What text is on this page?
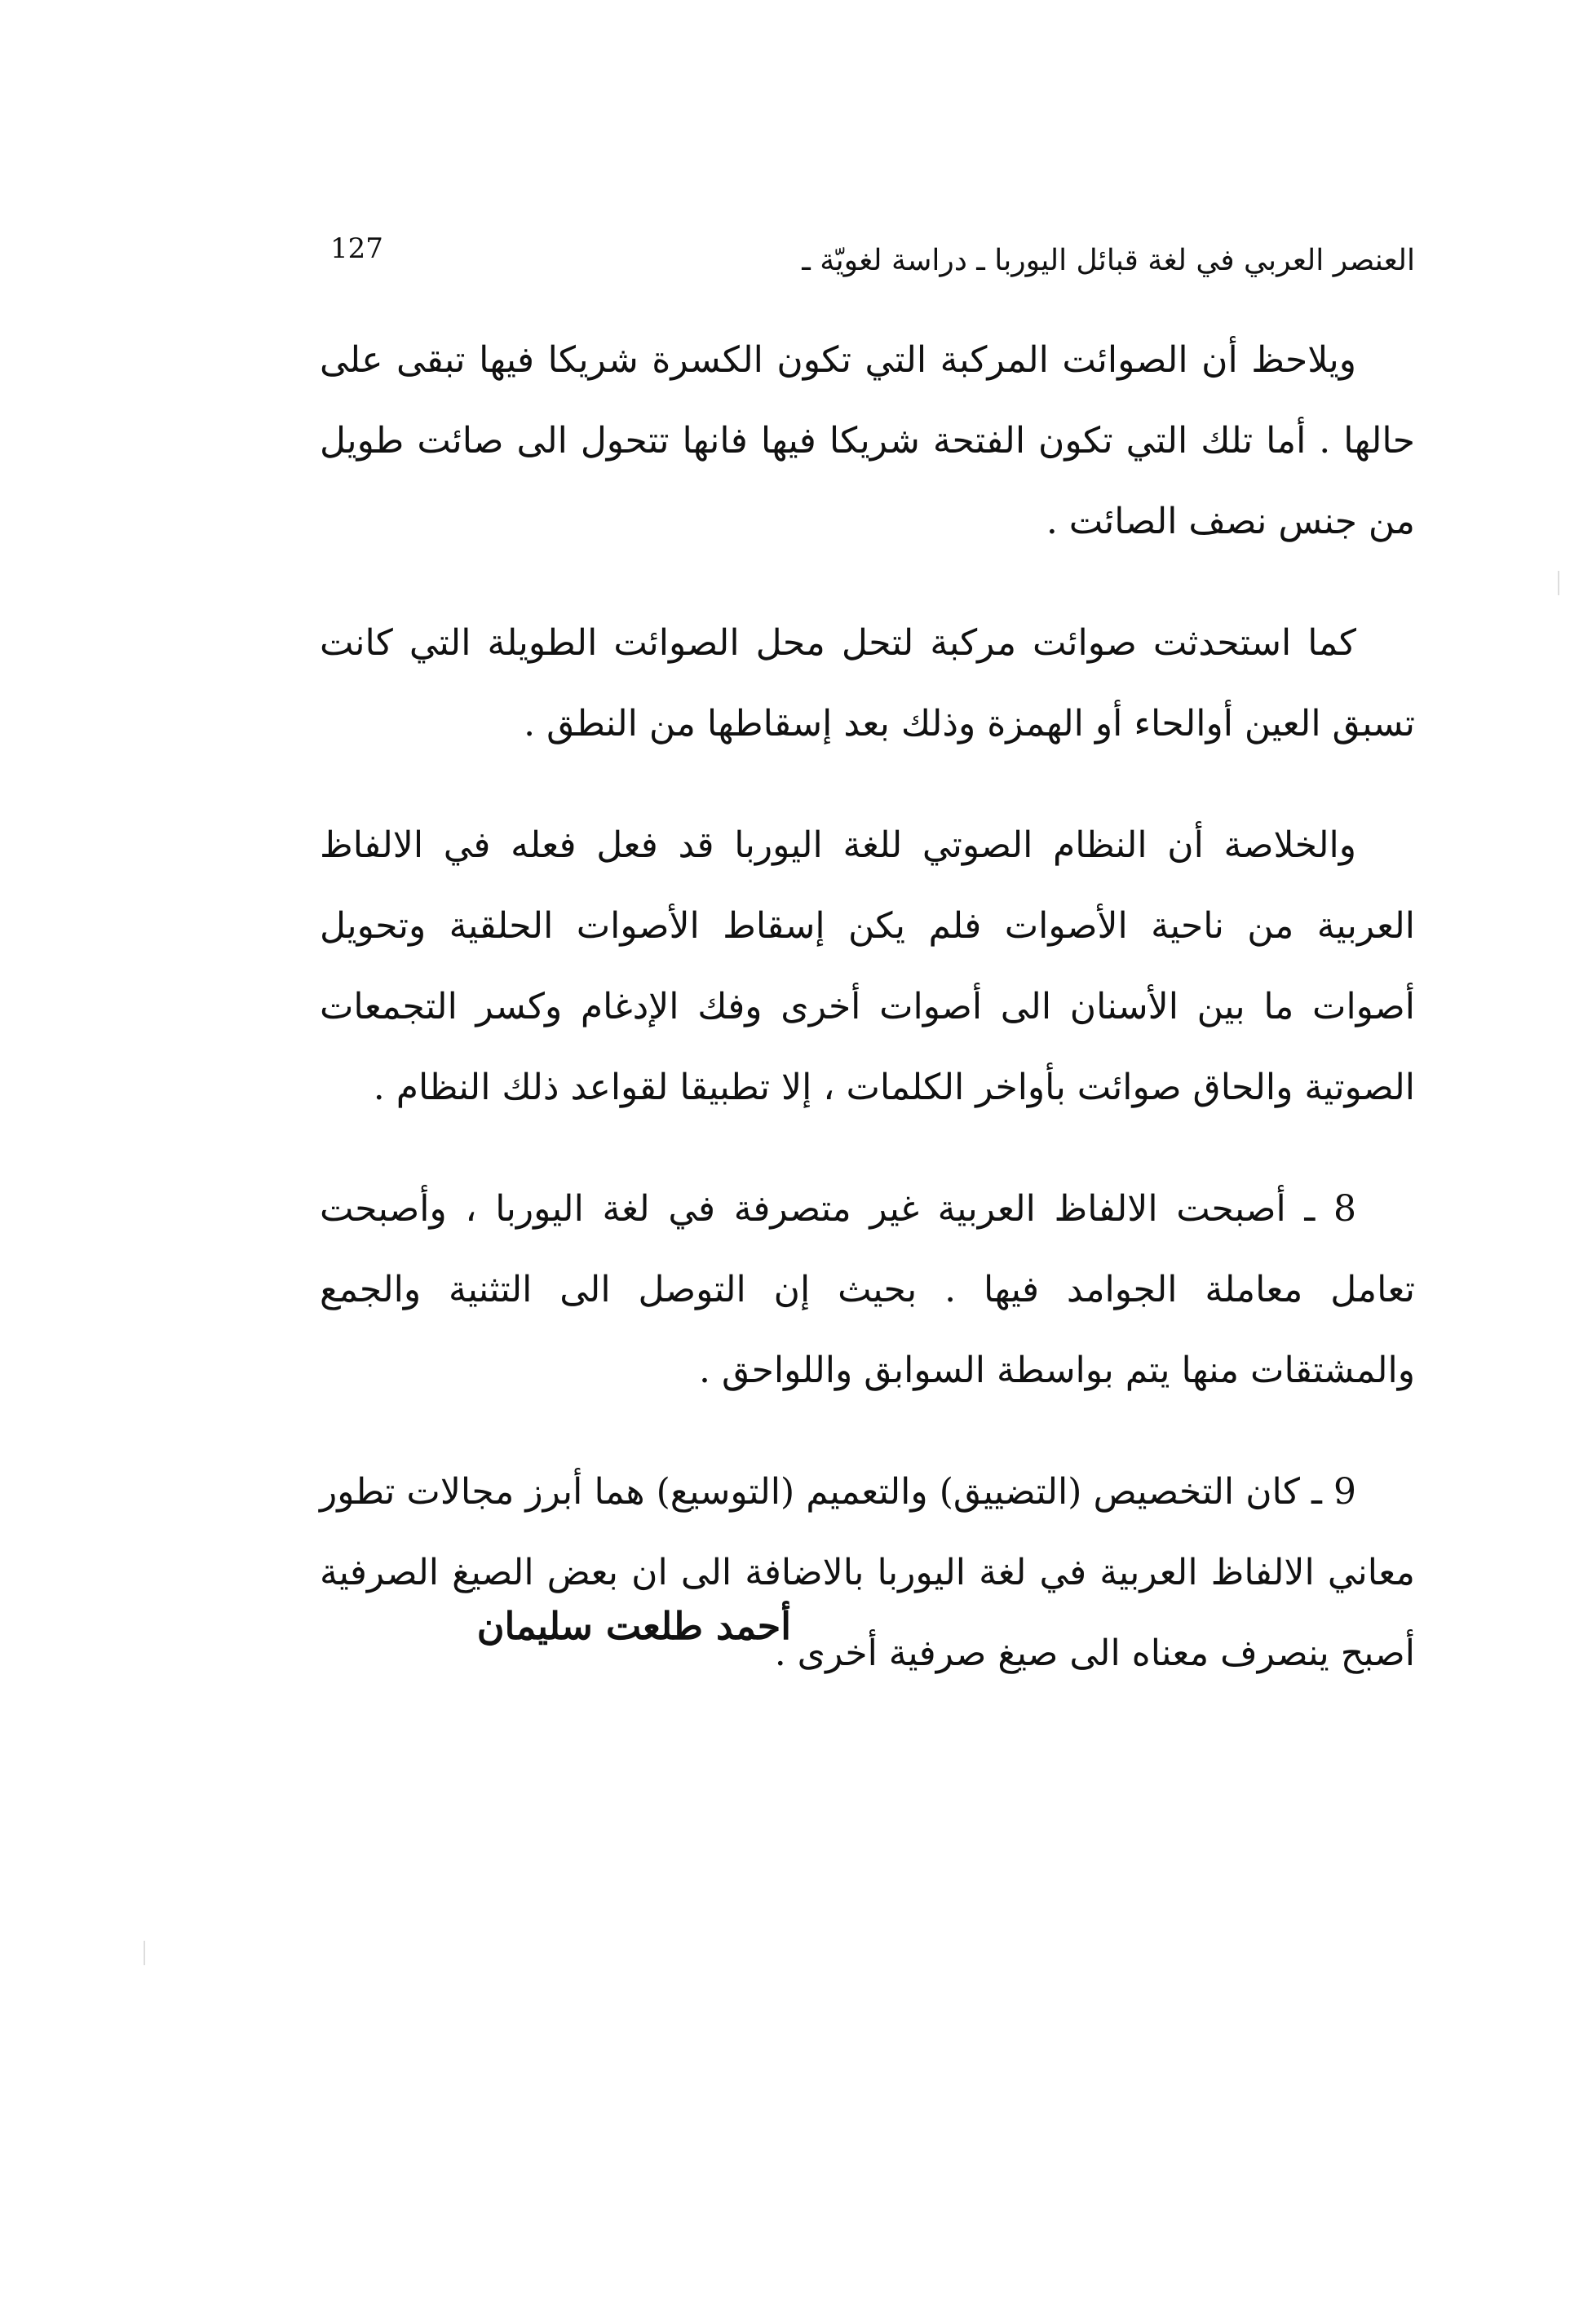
127	العنصر العربي في لغة قبائل اليوربا ـ دراسة لغويّة ـ

ويلاحظ أن الصوائت المركبة التي تكون الكسرة شريكا فيها تبقى على حالها . أما تلك التي تكون الفتحة شريكا فيها فانها تتحول الى صائت طويل من جنس نصف الصائت .

كما استحدثت صوائت مركبة لتحل محل الصوائت الطويلة التي كانت تسبق العين أوالحاء أو الهمزة وذلك بعد إسقاطها من النطق .

والخلاصة أن النظام الصوتي للغة اليوربا قد فعل فعله في الالفاظ العربية من ناحية الأصوات فلم يكن إسقاط الأصوات الحلقية وتحويل أصوات ما بين الأسنان الى أصوات أخرى وفك الإدغام وكسر التجمعات الصوتية والحاق صوائت بأواخر الكلمات ، إلا تطبيقا لقواعد ذلك النظام .

8 ـ أصبحت الالفاظ العربية غير متصرفة في لغة اليوربا ، وأصبحت تعامل معاملة الجوامد فيها . بحيث إن التوصل الى التثنية والجمع والمشتقات منها يتم بواسطة السوابق واللواحق .

9 ـ كان التخصيص (التضييق) والتعميم (التوسيع) هما أبرز مجالات تطور معاني الالفاظ العربية في لغة اليوربا بالاضافة الى ان بعض الصيغ الصرفية أصبح ينصرف معناه الى صيغ صرفية أخرى .

أحمد طلعت سليمان
